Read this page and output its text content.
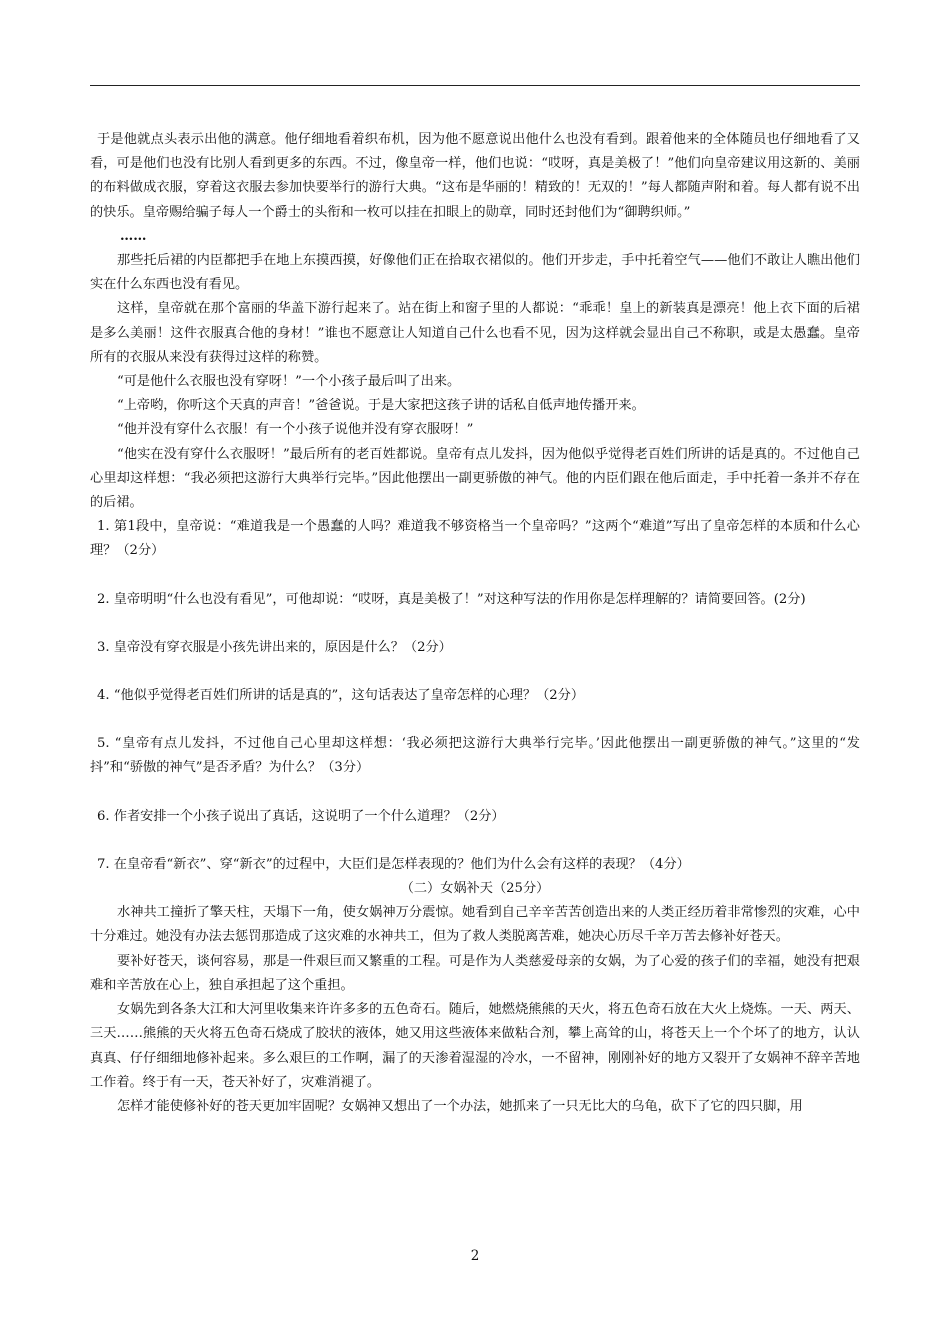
于是他就点头表示出他的满意。他仔细地看着织布机，因为他不愿意说出他什么也没有看到。跟着他来的全体随员也仔细地看了又看，可是他们也没有比别人看到更多的东西。不过，像皇帝一样，他们也说：“哎呀，真是美极了！”他们向皇帝建议用这新的、美丽的布料做成衣服，穿着这衣服去参加快要举行的游行大典。“这布是华丽的！精致的！无双的！”每人都随声附和着。每人都有说不出的快乐。皇帝赐给骗子每人一个爵士的头衔和一枚可以挂在扣眼上的勋章，同时还封他们为“御聘织师。”

……

那些托后裙的内臣都把手在地上东摸西摸，好像他们正在拾取衣裙似的。他们开步走，手中托着空气——他们不敢让人瞧出他们实在什么东西也没有看见。

这样，皇帝就在那个富丽的华盖下游行起来了。站在街上和窗子里的人都说：“乖乖！皇上的新装真是漂亮！他上衣下面的后裙是多么美丽！这件衣服真合他的身材！”谁也不愿意让人知道自己什么也看不见，因为这样就会显出自己不称职，或是太愚蠢。皇帝所有的衣服从来没有获得过这样的称赞。

“可是他什么衣服也没有穿呀！”一个小孩子最后叫了出来。

“上帝哟，你听这个天真的声音！”爸爸说。于是大家把这孩子讲的话私自低声地传播开来。

“他并没有穿什么衣服！有一个小孩子说他并没有穿衣服呀！”

“他实在没有穿什么衣服呀！”最后所有的老百姓都说。皇帝有点儿发抖，因为他似乎觉得老百姓们所讲的话是真的。不过他自己心里却这样想：“我必须把这游行大典举行完毕。”因此他摆出一副更骄傲的神气。他的内臣们跟在他后面走，手中托着一条并不存在的后裙。

1. 第1段中，皇帝说：“难道我是一个愚蠢的人吗？难道我不够资格当一个皇帝吗？”这两个“难道”写出了皇帝怎样的本质和什么心理？（2分）

2. 皇帝明明“什么也没有看见”，可他却说：“哎呀，真是美极了！”对这种写法的作用你是怎样理解的？请简要回答。(2分)

3. 皇帝没有穿衣服是小孩先讲出来的，原因是什么？（2分）

4. “他似乎觉得老百姓们所讲的话是真的”，这句话表达了皇帝怎样的心理？（2分）

5. “皇帝有点儿发抖，不过他自己心里却这样想：‘我必须把这游行大典举行完毕。’因此他摆出一副更骄傲的神气。”这里的“发抖”和“骄傲的神气”是否矛盾？为什么？（3分）

6. 作者安排一个小孩子说出了真话，这说明了一个什么道理？（2分）

7. 在皇帝看“新衣”、穿“新衣”的过程中，大臣们是怎样表现的？他们为什么会有这样的表现？（4分）

（二）女娲补天（25分）

水神共工撞折了擎天柱，天塌下一角，使女娲神万分震惊。她看到自己辛辛苦苦创造出来的人类正经历着非常惨烈的灾难，心中十分难过。她没有办法去惩罚那造成了这灾难的水神共工，但为了救人类脱离苦难，她决心历尽千辛万苦去修补好苍天。

要补好苍天，谈何容易，那是一件艰巨而又繁重的工程。可是作为人类慈爱母亲的女娲，为了心爱的孩子们的幸福，她没有把艰难和辛苦放在心上，独自承担起了这个重担。

女娲先到各条大江和大河里收集来许许多多的五色奇石。随后，她燃烧熊熊的天火，将五色奇石放在大火上烧炼。一天、两天、三天……熊熊的天火将五色奇石烧成了胶状的液体，她又用这些液体来做粘合剂，攀上高耸的山，将苍天上一个个坏了的地方，认认真真、仔仔细细地修补起来。多么艰巨的工作啊，漏了的天渗着湿湿的冷水，一不留神，刚刚补好的地方又裂开了女娲神不辞辛苦地工作着。终于有一天，苍天补好了，灾难消褪了。

怎样才能使修补好的苍天更加牢固呢？女娲神又想出了一个办法，她抓来了一只无比大的乌龟，砍下了它的四只脚，用

2
